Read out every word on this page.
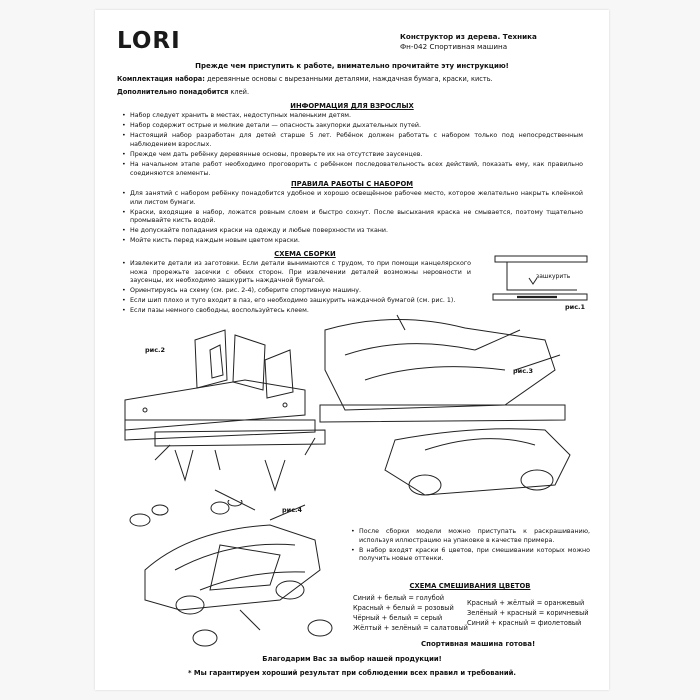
LORI	Конструктор из дерева. Техника
Фн-042 Спортивная машина
Прежде чем приступить к работе, внимательно прочитайте эту инструкцию!
Комплектация набора: деревянные основы с вырезанными деталями, наждачная бумага, краски, кисть.
Дополнительно понадобится клей.
ИНФОРМАЦИЯ ДЛЯ ВЗРОСЛЫХ
• Набор следует хранить в местах, недоступных маленьким детям.
• Набор содержит острые и мелкие детали — опасность закупорки дыхательных путей.
• Настоящий набор разработан для детей старше 5 лет. Ребёнок должен работать с набором только под непосредственным наблюдением взрослых.
• Прежде чем дать ребёнку деревянные основы, проверьте их на отсутствие заусенцев.
• На начальном этапе работ необходимо проговорить с ребёнком последовательность всех действий, показать ему, как правильно соединяются элементы.
ПРАВИЛА РАБОТЫ С НАБОРОМ
• Для занятий с набором ребёнку понадобится удобное и хорошо освещённое рабочее место, которое желательно накрыть клеёнкой или листом бумаги.
• Краски, входящие в набор, ложатся ровным слоем и быстро сохнут. После высыхания краска не смывается, поэтому тщательно промывайте кисть водой.
• Не допускайте попадания краски на одежду и любые поверхности из ткани.
• Мойте кисть перед каждым новым цветом краски.
СХЕМА СБОРКИ
• Извлеките детали из заготовки. Если детали вынимаются с трудом, то при помощи канцелярского ножа прорежьте засечки с обеих сторон. При извлечении деталей возможны неровности и заусенцы, их необходимо зашкурить наждачной бумагой.
• Ориентируясь на схему (см. рис. 2-4), соберите спортивную машину.
• Если шип плохо и туго входит в паз, его необходимо зашкурить наждачной бумагой (см. рис. 1).
• Если пазы немного свободны, воспользуйтесь клеем.
зашкурить
рис.1
рис.2
рис.3
рис.4
• После сборки модели можно приступать к раскрашиванию, используя иллюстрацию на упаковке в качестве примера.
• В набор входят краски 6 цветов, при смешивании которых можно получить новые оттенки.
СХЕМА СМЕШИВАНИЯ ЦВЕТОВ
Синий + белый = голубой
Красный + белый = розовый
Чёрный + белый = серый
Жёлтый + зелёный = салатовый
Красный + жёлтый = оранжевый
Зелёный + красный = коричневый
Синий + красный = фиолетовый
Спортивная машина готова!
Благодарим Вас за выбор нашей продукции!
* Мы гарантируем хороший результат при соблюдении всех правил и требований.
